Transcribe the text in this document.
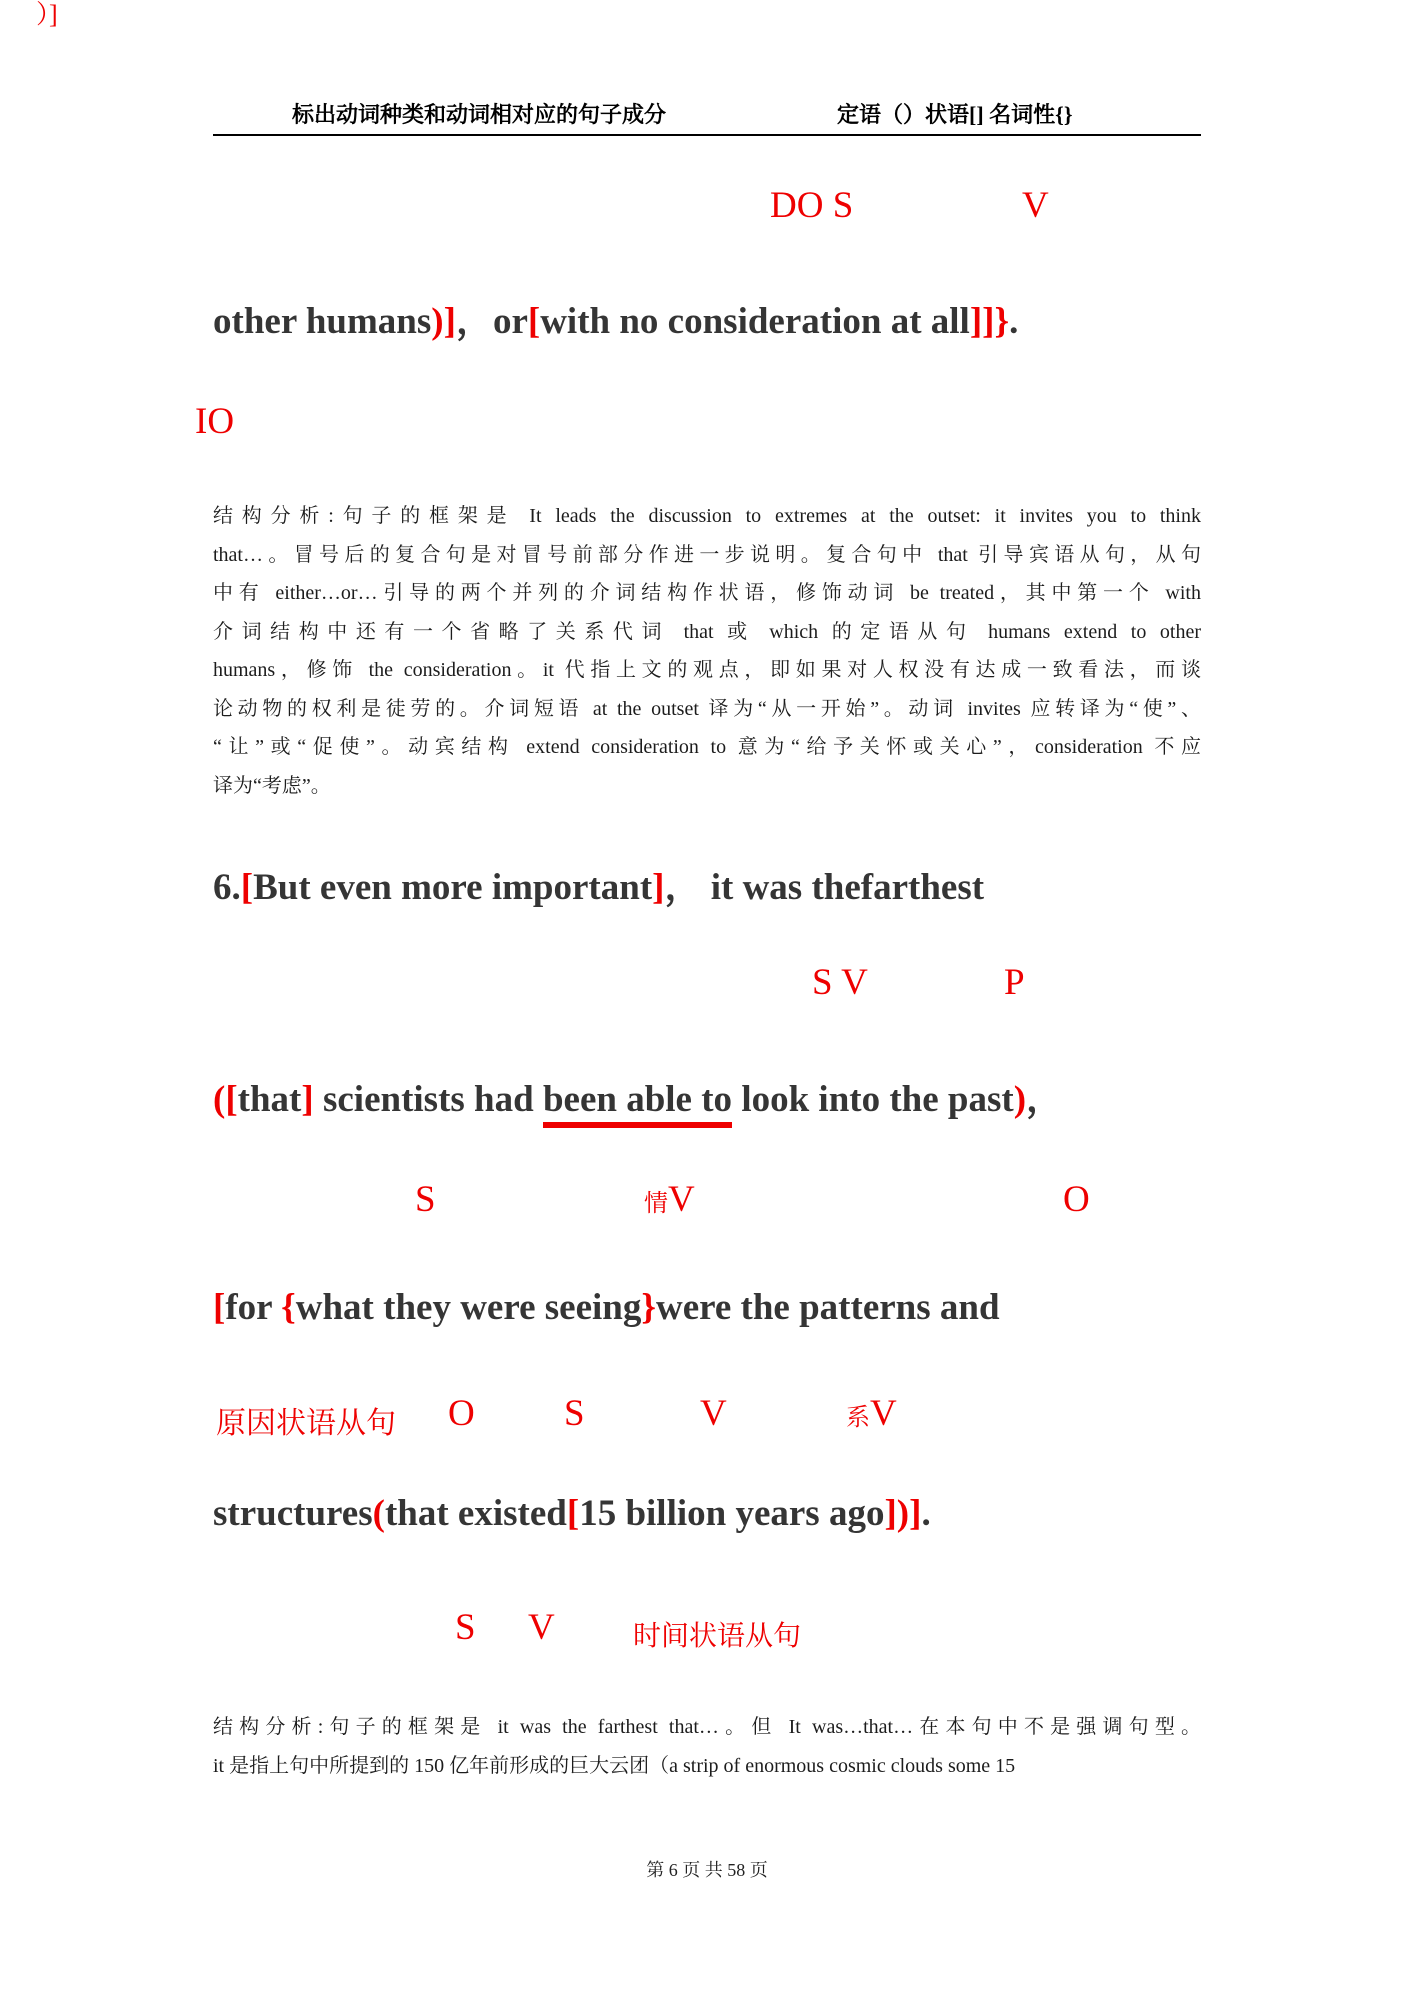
）]
标出动词种类和动词相对应的句子成分	定语（）状语[] 名词性{}
DO S	V
other humans)]，or[with no consideration at all]]}.
IO
结构分析:句子的框架是 It leads the discussion to extremes at the outset: it invites you to think
that…。冒号后的复合句是对冒号前部分作进一步说明。复合句中 that 引导宾语从句，从句
中有 either…or…引导的两个并列的介词结构作状语，修饰动词 be treated，其中第一个 with
介词结构中还有一个省略了关系代词 that 或 which 的定语从句 humans extend to other
humans，修饰 the consideration。it 代指上文的观点，即如果对人权没有达成一致看法，而谈
论动物的权利是徒劳的。介词短语 at the outset 译为“从一开始”。动词 invites 应转译为“使”、
“让”或“促使”。动宾结构 extend consideration to 意为“给予关怀或关心”，consideration 不应
译为“考虑”。
6.[But even more important]， it was thefarthest
S V	P
([that] scientists had been able to look into the past)，
S	情V	O
[for {what they were seeing}were the patterns and
原因状语从句 O S	V	系V
structures(that existed[15 billion years ago])].
S V	时间状语从句
结构分析:句子的框架是 it was the farthest that…。但 It was…that…在本句中不是强调句型。
it 是指上句中所提到的 150 亿年前形成的巨大云团（a strip of enormous cosmic clouds some 15
第 6 页 共 58 页
